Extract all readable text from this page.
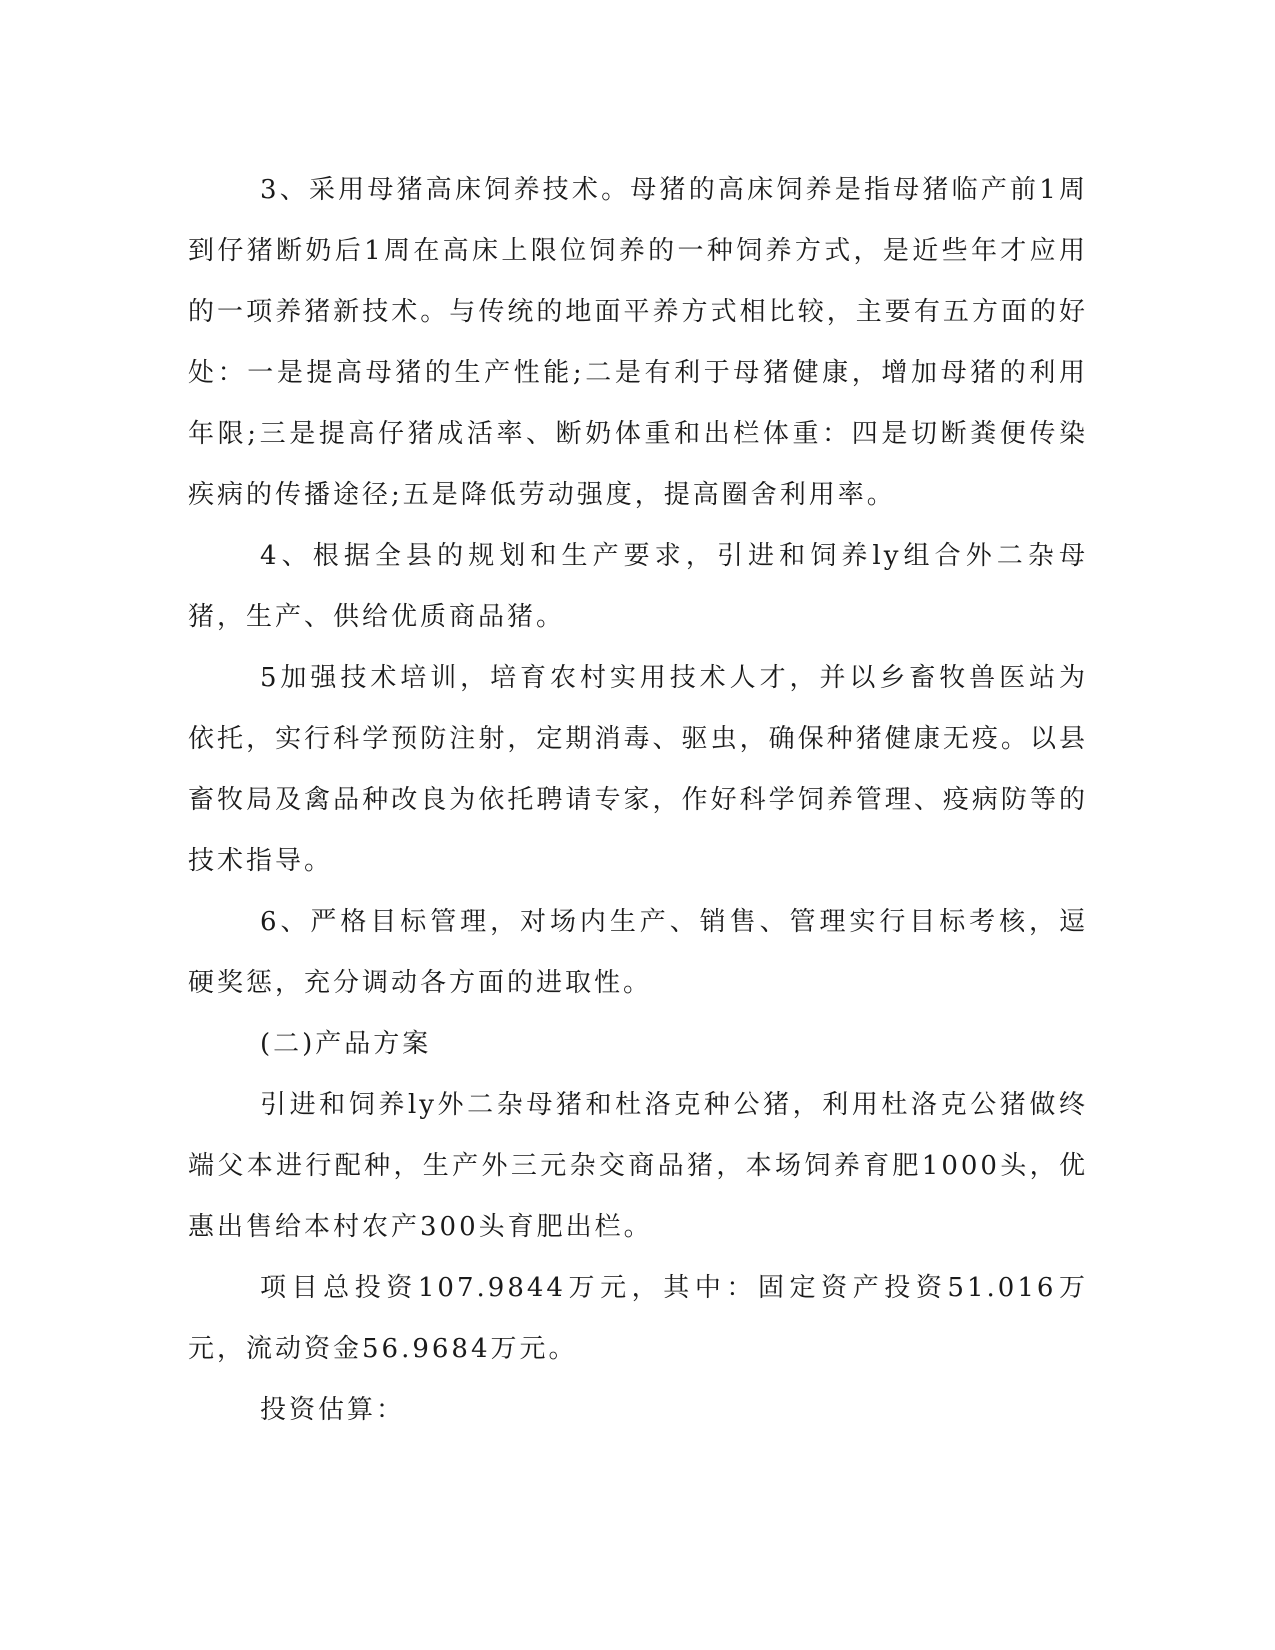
3、采用母猪高床饲养技术。母猪的高床饲养是指母猪临产前1周到仔猪断奶后1周在高床上限位饲养的一种饲养方式，是近些年才应用的一项养猪新技术。与传统的地面平养方式相比较，主要有五方面的好处：一是提高母猪的生产性能;二是有利于母猪健康，增加母猪的利用年限;三是提高仔猪成活率、断奶体重和出栏体重：四是切断粪便传染疾病的传播途径;五是降低劳动强度，提高圈舍利用率。

4、根据全县的规划和生产要求，引进和饲养ly组合外二杂母猪，生产、供给优质商品猪。

5加强技术培训，培育农村实用技术人才，并以乡畜牧兽医站为依托，实行科学预防注射，定期消毒、驱虫，确保种猪健康无疫。以县畜牧局及禽品种改良为依托聘请专家，作好科学饲养管理、疫病防等的技术指导。

6、严格目标管理，对场内生产、销售、管理实行目标考核，逗硬奖惩，充分调动各方面的进取性。

(二)产品方案

引进和饲养ly外二杂母猪和杜洛克种公猪，利用杜洛克公猪做终端父本进行配种，生产外三元杂交商品猪，本场饲养育肥1000头，优惠出售给本村农产300头育肥出栏。

项目总投资107.9844万元，其中：固定资产投资51.016万元，流动资金56.9684万元。

投资估算：
